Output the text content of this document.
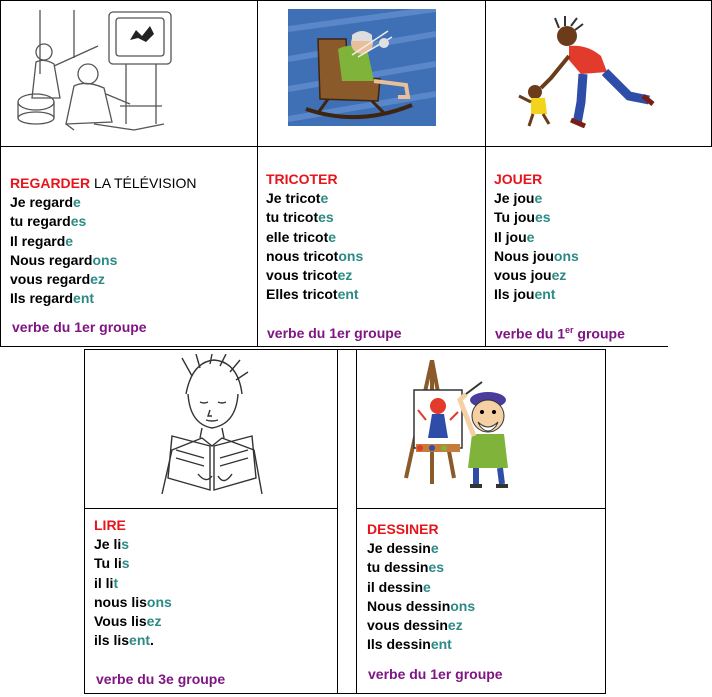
REGARDER LA TÉLÉVISION
Je regarde
tu regardes
Il regarde
Nous regardons
vous regardez
Ils regardent
verbe du 1er groupe
TRICOTER
Je tricote
tu tricotes
elle tricote
nous tricotons
vous tricotez
Elles tricotent
verbe du 1er groupe
JOUER
Je joue
Tu joues
Il joue
Nous jouons
vous jouez
Ils jouent
verbe du 1er groupe
LIRE
Je lis
Tu lis
il lit
nous lisons
Vous lisez
ils lisent.
verbe du 3e groupe
DESSINER
Je dessine
tu dessines
il dessine
Nous dessinons
vous dessinez
Ils dessinent
verbe du 1er groupe
